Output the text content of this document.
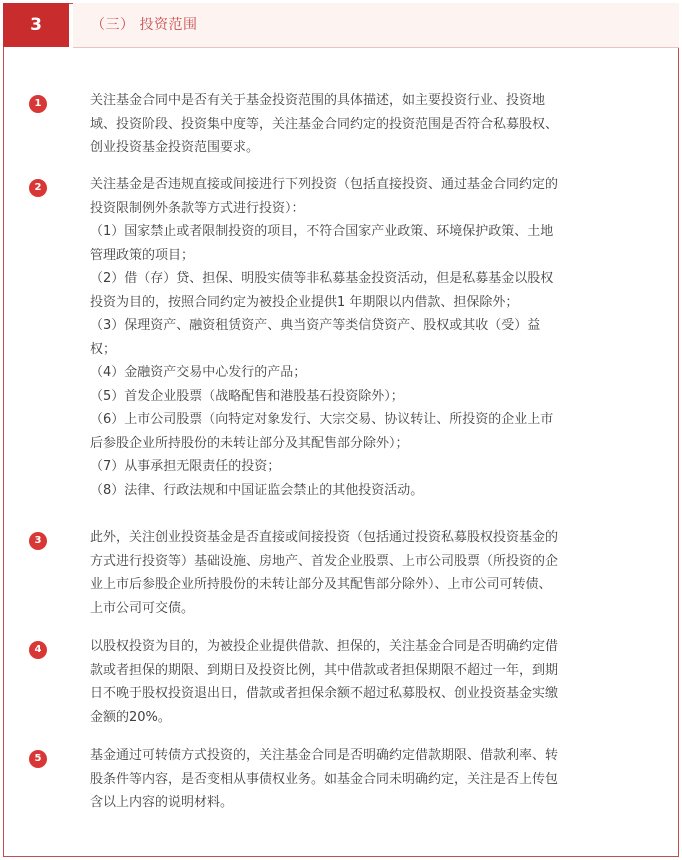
3	（三） 投资范围
1	关注基金合同中是否有关于基金投资范围的具体描述，如主要投资行业、投资地

域、投资阶段、投资集中度等，关注基金合同约定的投资范围是否符合私募股权、

创业投资基金投资范围要求。

2	关注基金是否违规直接或间接进行下列投资（包括直接投资、通过基金合同约定的

投资限制例外条款等方式进行投资）：

（1）国家禁止或者限制投资的项目，不符合国家产业政策、环境保护政策、土地

管理政策的项目；

（2）借（存）贷、担保、明股实债等非私募基金投资活动，但是私募基金以股权

投资为目的，按照合同约定为被投企业提供1 年期限以内借款、担保除外；

（3）保理资产、融资租赁资产、典当资产等类信贷资产、股权或其收（受）益

权；

（4）金融资产交易中心发行的产品；

（5）首发企业股票（战略配售和港股基石投资除外）；

（6）上市公司股票（向特定对象发行、大宗交易、协议转让、所投资的企业上市

后参股企业所持股份的未转让部分及其配售部分除外）；

（7）从事承担无限责任的投资；

（8）法律、行政法规和中国证监会禁止的其他投资活动。

3	此外，关注创业投资基金是否直接或间接投资（包括通过投资私募股权投资基金的

方式进行投资等）基础设施、房地产、首发企业股票、上市公司股票（所投资的企

业上市后参股企业所持股份的未转让部分及其配售部分除外）、上市公司可转债、

上市公司可交债。

4	以股权投资为目的，为被投企业提供借款、担保的，关注基金合同是否明确约定借

款或者担保的期限、到期日及投资比例，其中借款或者担保期限不超过一年，到期

日不晚于股权投资退出日，借款或者担保余额不超过私募股权、创业投资基金实缴

金额的20%。

5	基金通过可转债方式投资的，关注基金合同是否明确约定借款期限、借款利率、转

股条件等内容，是否变相从事债权业务。如基金合同未明确约定，关注是否上传包

含以上内容的说明材料。
